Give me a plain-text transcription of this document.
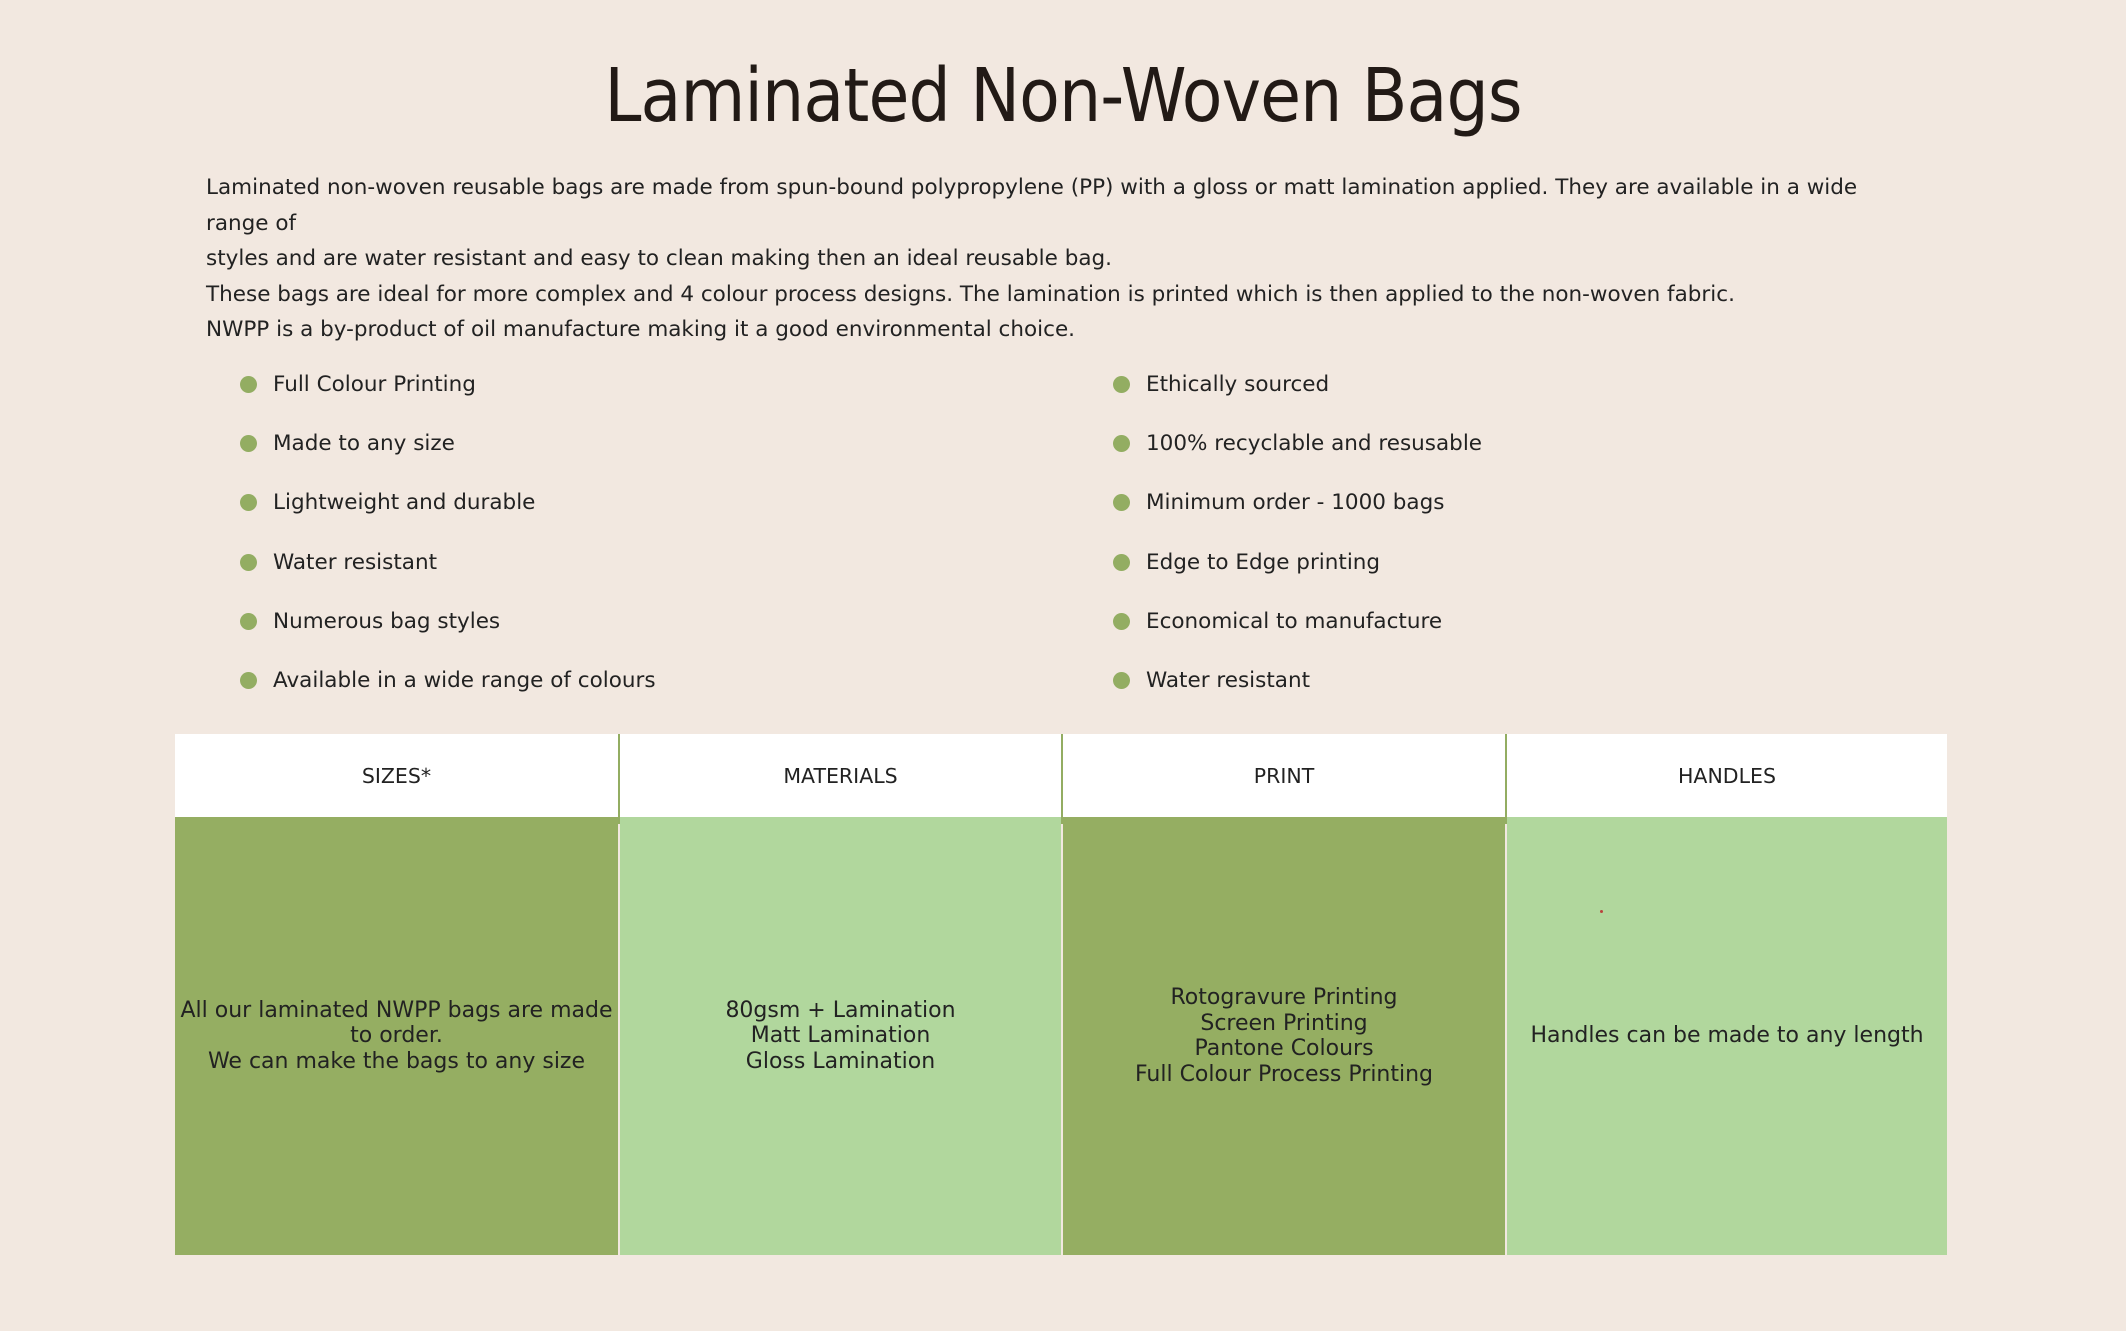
Laminated Non-Woven Bags

Laminated non-woven reusable bags are made from spun-bound polypropylene (PP) with a gloss or matt lamination applied. They are available in a wide range of

styles and are water resistant and easy to clean making then an ideal reusable bag.

These bags are ideal for more complex and 4 colour process designs. The lamination is printed which is then applied to the non-woven fabric.

NWPP is a by-product of oil manufacture making it a good environmental choice.

Full Colour Printing
Made to any size
Lightweight and durable
Water resistant
Numerous bag styles
Available in a wide range of colours
Ethically sourced
100% recyclable and resusable
Minimum order - 1000 bags
Edge to Edge printing
Economical to manufacture
Water resistant
SIZES*
All our laminated NWPP bags are made
to order.
We can make the bags to any size
MATERIALS
80gsm + Lamination
Matt Lamination
Gloss Lamination
PRINT
Rotogravure Printing
Screen Printing
Pantone Colours
Full Colour Process Printing
HANDLES
Handles can be made to any length
